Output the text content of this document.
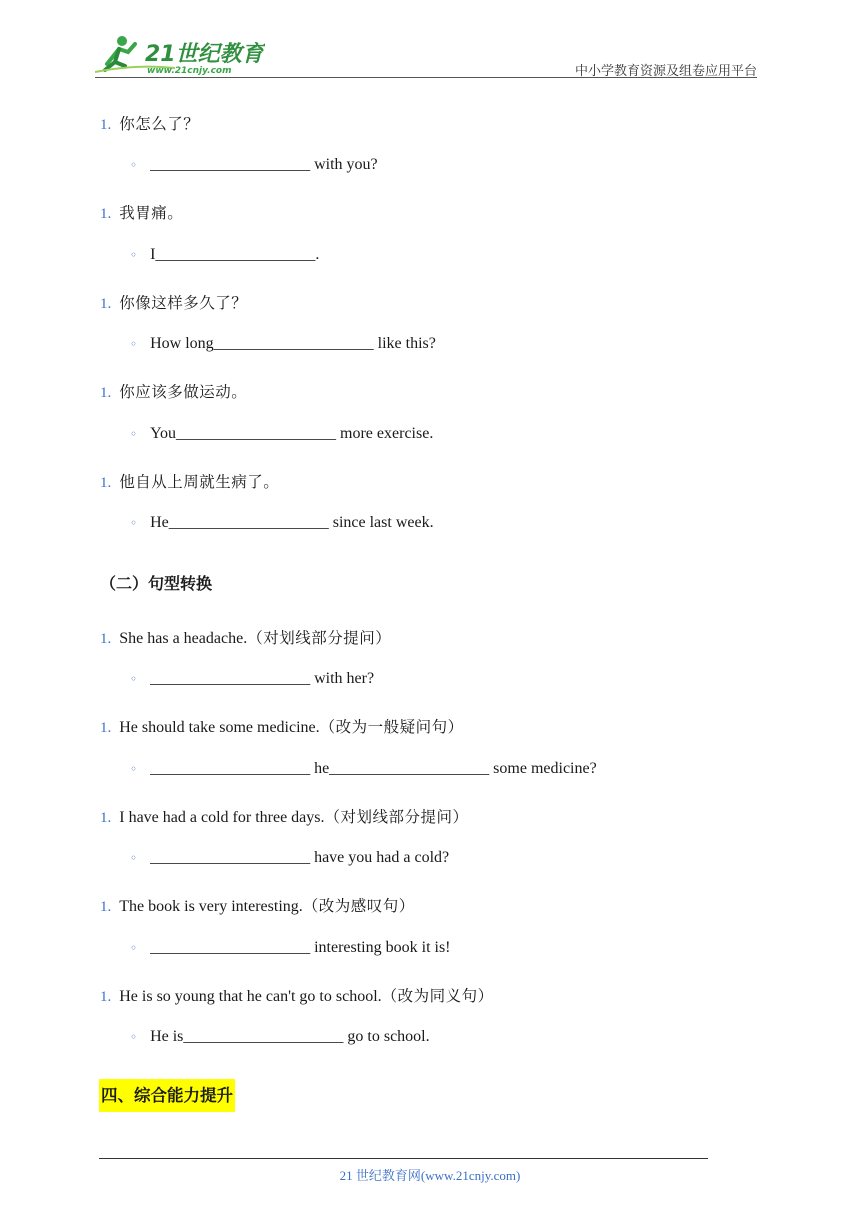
21世纪教育
www.21cnjy.com	中小学教育资源及组卷应用平台
1. 你怎么了？
◦ ____________________ with you?
1. 我胃痛。
◦ I____________________.
1. 你像这样多久了？
◦ How long____________________ like this?
1. 你应该多做运动。
◦ You____________________ more exercise.
1. 他自从上周就生病了。
◦ He____________________ since last week.
（二）句型转换
1. She has a headache.（对划线部分提问）
◦ ____________________ with her?
1. He should take some medicine.（改为一般疑问句）
◦ ____________________ he____________________ some medicine?
1. I have had a cold for three days.（对划线部分提问）
◦ ____________________ have you had a cold?
1. The book is very interesting.（改为感叹句）
◦ ____________________ interesting book it is!
1. He is so young that he can't go to school.（改为同义句）
◦ He is____________________ go to school.
四、综合能力提升
21 世纪教育网(www.21cnjy.com)
